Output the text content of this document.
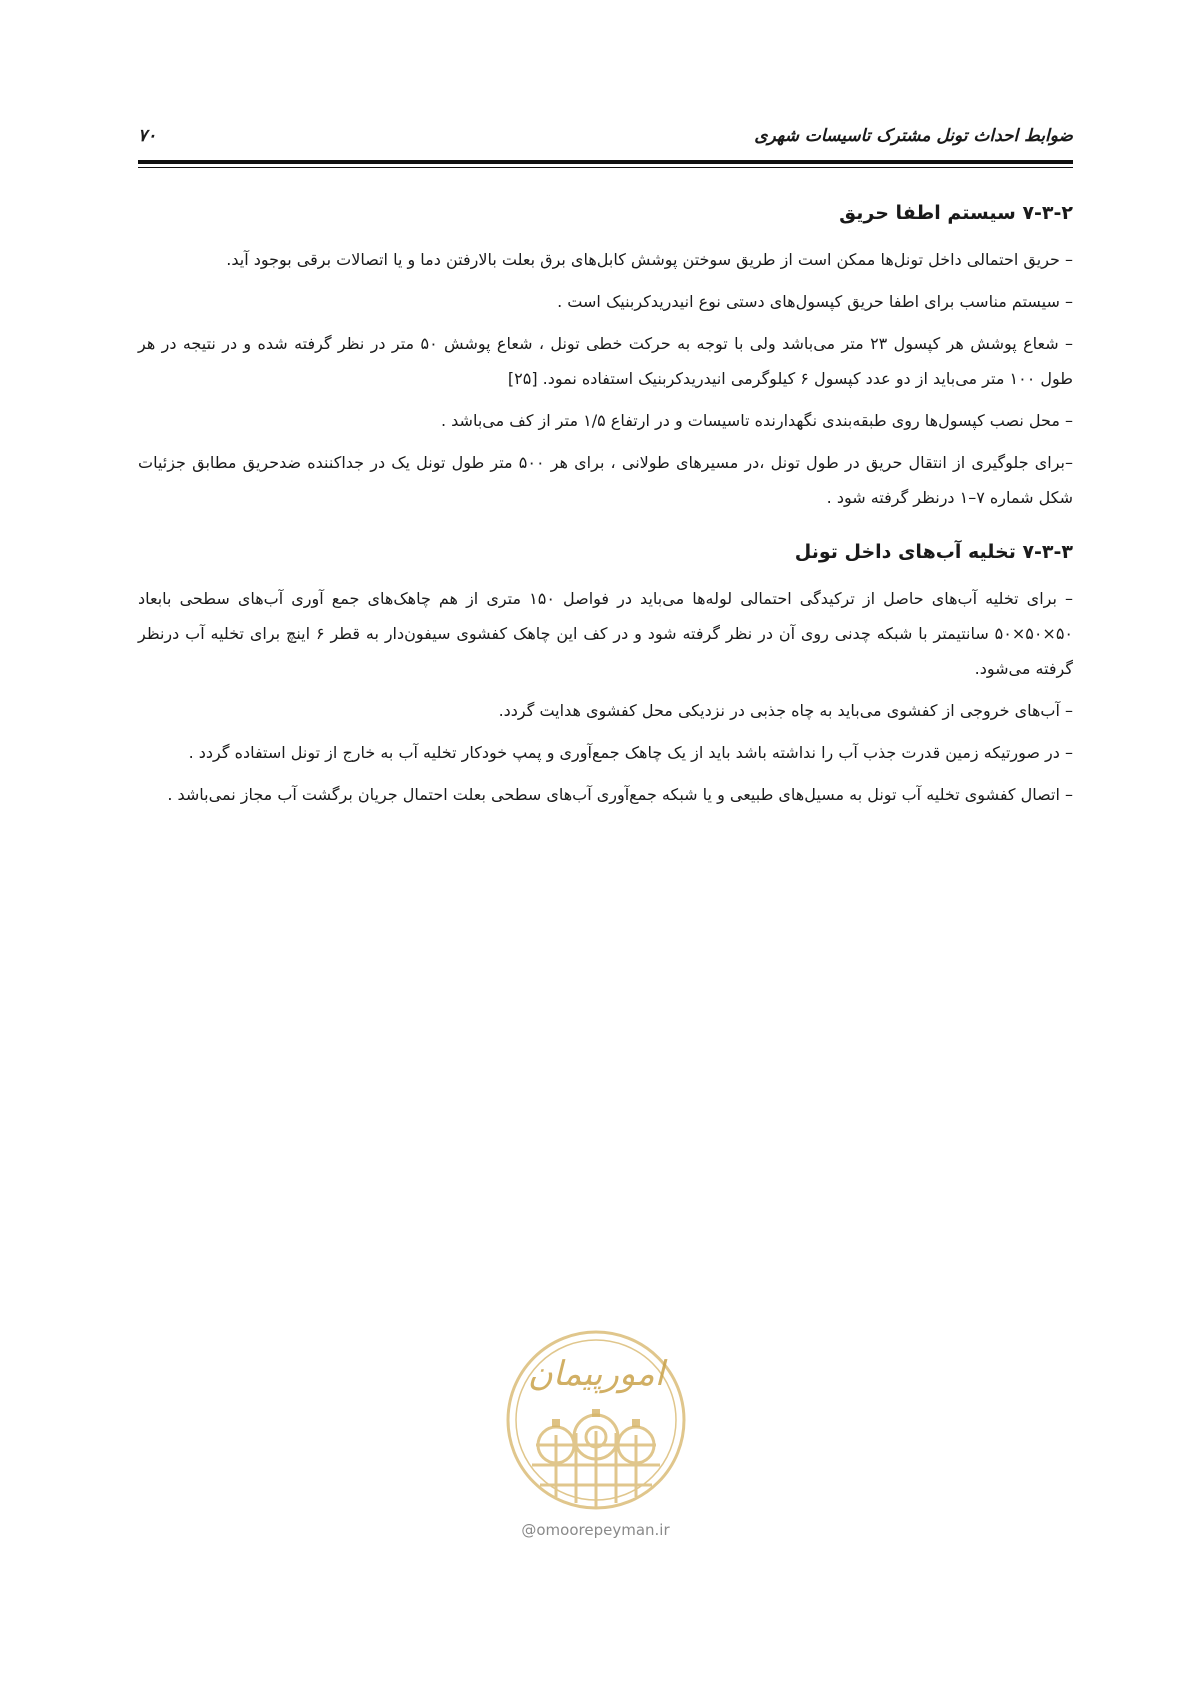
ضوابط احداث تونل مشترک تاسیسات شهری
۷۰
۷-۳-۲ سیستم اطفا حریق

– حریق احتمالی داخل تونل‌ها ممکن است از طریق سوختن پوشش کابل‌های برق بعلت بالارفتن دما و یا اتصالات برقی بوجود آید.

– سیستم مناسب برای اطفا حریق کپسول‌های دستی نوع انیدریدکربنیک است .

– شعاع پوشش هر کپسول ۲۳ متر می‌باشد ولی با توجه به حرکت خطی تونل ، شعاع پوشش ۵۰ متر در نظر گرفته شده و در نتیجه در هر طول ۱۰۰ متر می‌باید از دو عدد کپسول ۶ کیلوگرمی انیدریدکربنیک استفاده نمود. [۲۵]

– محل نصب کپسول‌ها روی طبقه‌بندی نگهدارنده تاسیسات و در ارتفاع ۱/۵ متر از کف می‌باشد .

–برای جلوگیری از انتقال حریق در طول تونل ،در مسیرهای طولانی ، برای هر ۵۰۰ متر طول تونل یک در جداکننده ضدحریق مطابق جزئیات شکل شماره ۷–۱ درنظر گرفته شود .

۷-۳-۳ تخلیه آب‌های داخل تونل

– برای تخلیه آب‌های حاصل از ترکیدگی احتمالی لوله‌ها می‌باید در فواصل ۱۵۰ متری از هم چاهک‌های جمع آوری آب‌های سطحی بابعاد ۵۰×۵۰×۵۰ سانتیمتر با شبکه چدنی روی آن در نظر گرفته شود و در کف این چاهک کفشوی سیفون‌دار به قطر ۶ اینچ برای تخلیه آب درنظر گرفته می‌شود.

– آب‌های خروجی از کفشوی می‌باید به چاه جذبی در نزدیکی محل کفشوی هدایت گردد.

– در صورتیکه زمین قدرت جذب آب را نداشته باشد باید از یک چاهک جمع‌آوری و پمپ خودکار تخلیه آب به خارج از تونل استفاده گردد .

– اتصال کفشوی تخلیه آب تونل به مسیل‌های طبیعی و یا شبکه جمع‌آوری آب‌های سطحی بعلت احتمال جریان برگشت آب مجاز نمی‌باشد .

امورپیمان
@omoorepeyman.ir
